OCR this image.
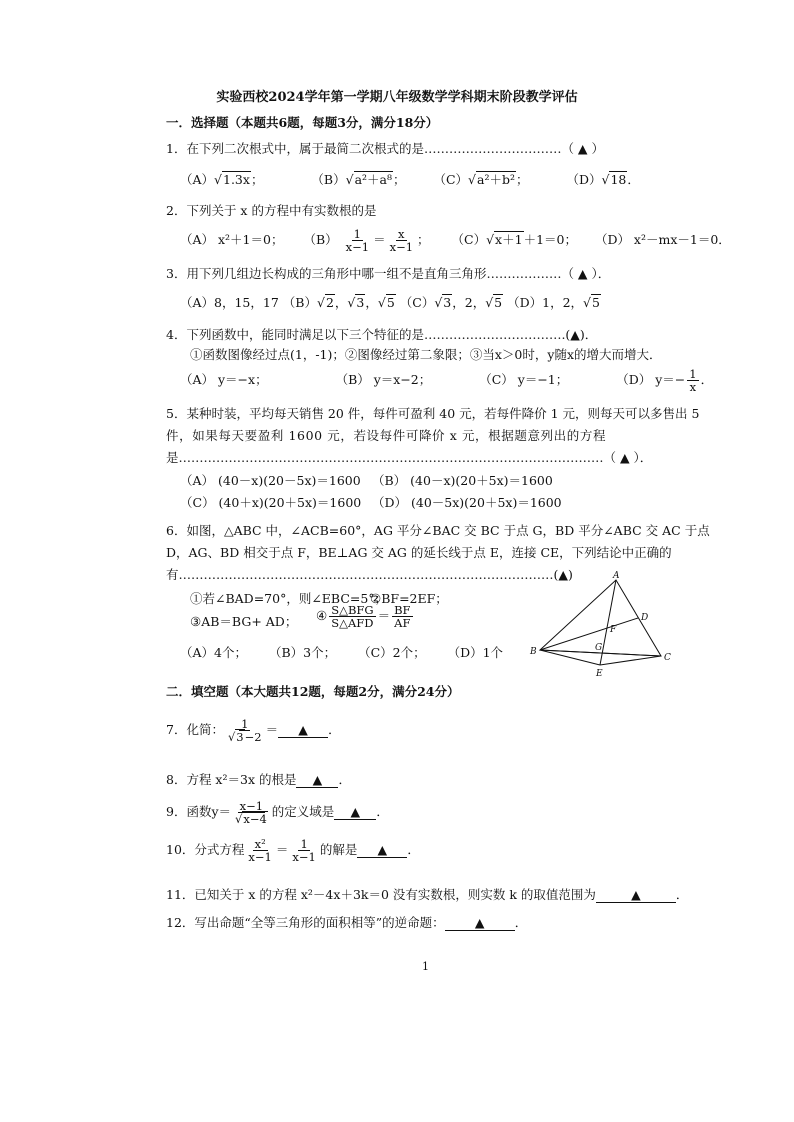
实验西校2024学年第一学期八年级数学学科期末阶段教学评估
一．选择题（本题共6题，每题3分，满分18分）
1．在下列二次根式中，属于最简二次根式的是……………………………（ ▲ ）
（A）√1.3x；	（B）√a²＋a⁸；  （C）√a²＋b²；	（D）√18．
2．下列关于 x 的方程中有实数根的是
（A） x²＋1＝0； $(B) \frac{1}{x-1} = \frac{x}{x-1}$ ；  （C）√x＋1＋1＝0； （D） x²－mx－1＝0．
3．用下列几组边长构成的三角形中哪一组不是直角三角形………………（ ▲ ）．
（A）8，15，17 （B）√2，√3，√5 （C）√3，2，√5 （D）1，2，√5
4．下列函数中，能同时满足以下三个特征的是…………………………….(▲)．
①函数图像经过点(1，-1)；②图像经过第二象限；③当x＞0时，y随x的增大而增大．
（A） y＝−x；	（B） y＝x−2；	（C） y＝−1；	（D） $y=- \frac{1}{x}$ ．
5．某种时装，平均每天销售 20 件，每件可盈利 40 元，若每件降价 1 元，则每天可以多售出 5
件，如果每天要盈利 1600 元，若设每件可降价 x 元，根据题意列出的方程
是…………………………………………………………………………………………（ ▲ ）．
（A） (40－x)(20－5x)＝1600 （B） (40－x)(20＋5x)＝1600
（C） (40＋x)(20＋5x)＝1600 （D） (40－5x)(20＋5x)＝1600
6．如图，△ABC 中，∠ACB=60°，AG 平分∠BAC 交 BC 于点 G，BD 平分∠ABC 交 AC 于点
D，AG、BD 相交于点 F，BE⊥AG 交 AG 的延长线于点 E，连接 CE，下列结论中正确的
有………………………………………………………………………………(▲)
①若∠BAD=70°，则∠EBC=5°；
②BF=2EF；
③AB＝BG+ AD； ④ $\frac{\text{S△BFG}}{\text{S△AFD}} = \frac{BF}{AF}$
（A）4个； （B）3个； （C）2个； （D）1个
A
B
C
D
E
F
G
二．填空题（本大题共12题，每题2分，满分24分）
7．化简： $\frac{1}{√3-2}$ ＝ ▲ ．
8．方程 x²＝3x 的根是 ▲ ．
9．函数$y= \frac{x-1}{√x-4}$ 的定义域是 ▲ ．
10．分式方程 $\frac{\text{x²}}{x-1} = \frac{1}{x-1}$ 的解是 ▲ ．
11．已知关于 x 的方程 x²－4x＋3k＝0 没有实数根，则实数 k 的取值范围为	▲	．
12．写出命题“全等三角形的面积相等”的逆命题： ▲ ．
1
